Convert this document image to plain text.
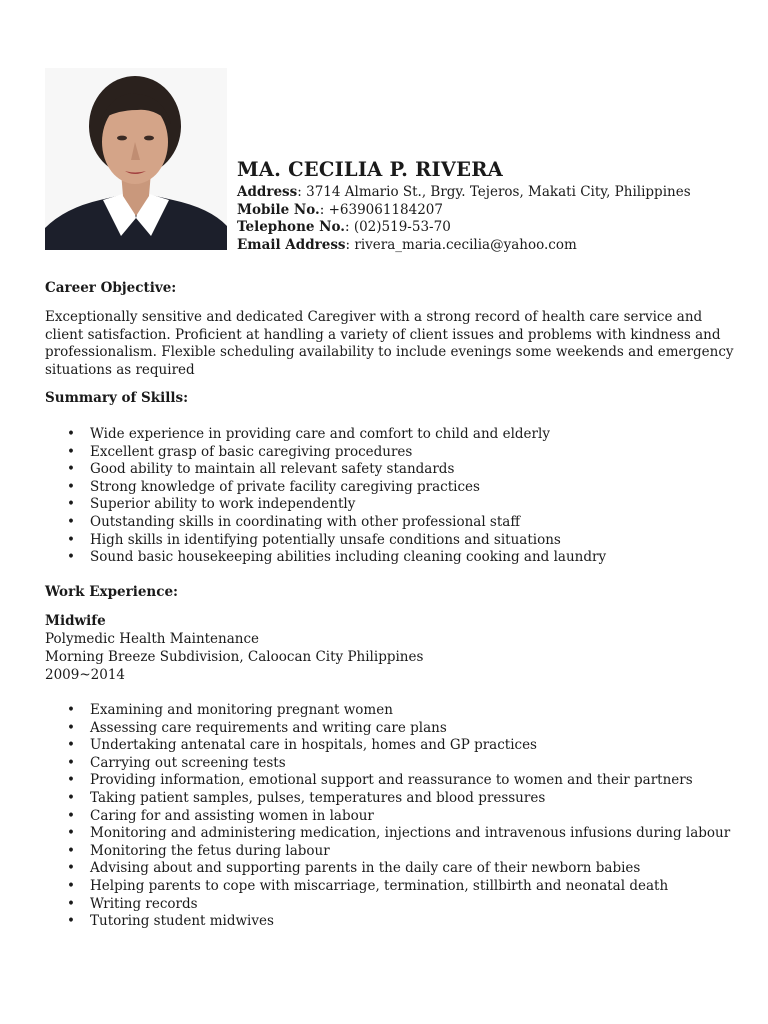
MA. CECILIA P. RIVERA
Address: 3714 Almario St., Brgy. Tejeros, Makati City, Philippines
Mobile No.: +639061184207
Telephone No.: (02)519-53-70
Email Address: rivera_maria.cecilia@yahoo.com
Career Objective:
Exceptionally sensitive and dedicated Caregiver with a strong record of health care service and client satisfaction. Proficient at handling a variety of client issues and problems with kindness and professionalism. Flexible scheduling availability to include evenings some weekends and emergency situations as required
Summary of Skills:
• Wide experience in providing care and comfort to child and elderly
• Excellent grasp of basic caregiving procedures
• Good ability to maintain all relevant safety standards
• Strong knowledge of private facility caregiving practices
• Superior ability to work independently
• Outstanding skills in coordinating with other professional staff
• High skills in identifying potentially unsafe conditions and situations
• Sound basic housekeeping abilities including cleaning cooking and laundry
Work Experience:
Midwife
Polymedic Health Maintenance
Morning Breeze Subdivision, Caloocan City Philippines
2009~2014
• Examining and monitoring pregnant women
• Assessing care requirements and writing care plans
• Undertaking antenatal care in hospitals, homes and GP practices
• Carrying out screening tests
• Providing information, emotional support and reassurance to women and their partners
• Taking patient samples, pulses, temperatures and blood pressures
• Caring for and assisting women in labour
• Monitoring and administering medication, injections and intravenous infusions during labour
• Monitoring the fetus during labour
• Advising about and supporting parents in the daily care of their newborn babies
• Helping parents to cope with miscarriage, termination, stillbirth and neonatal death
• Writing records
• Tutoring student midwives
